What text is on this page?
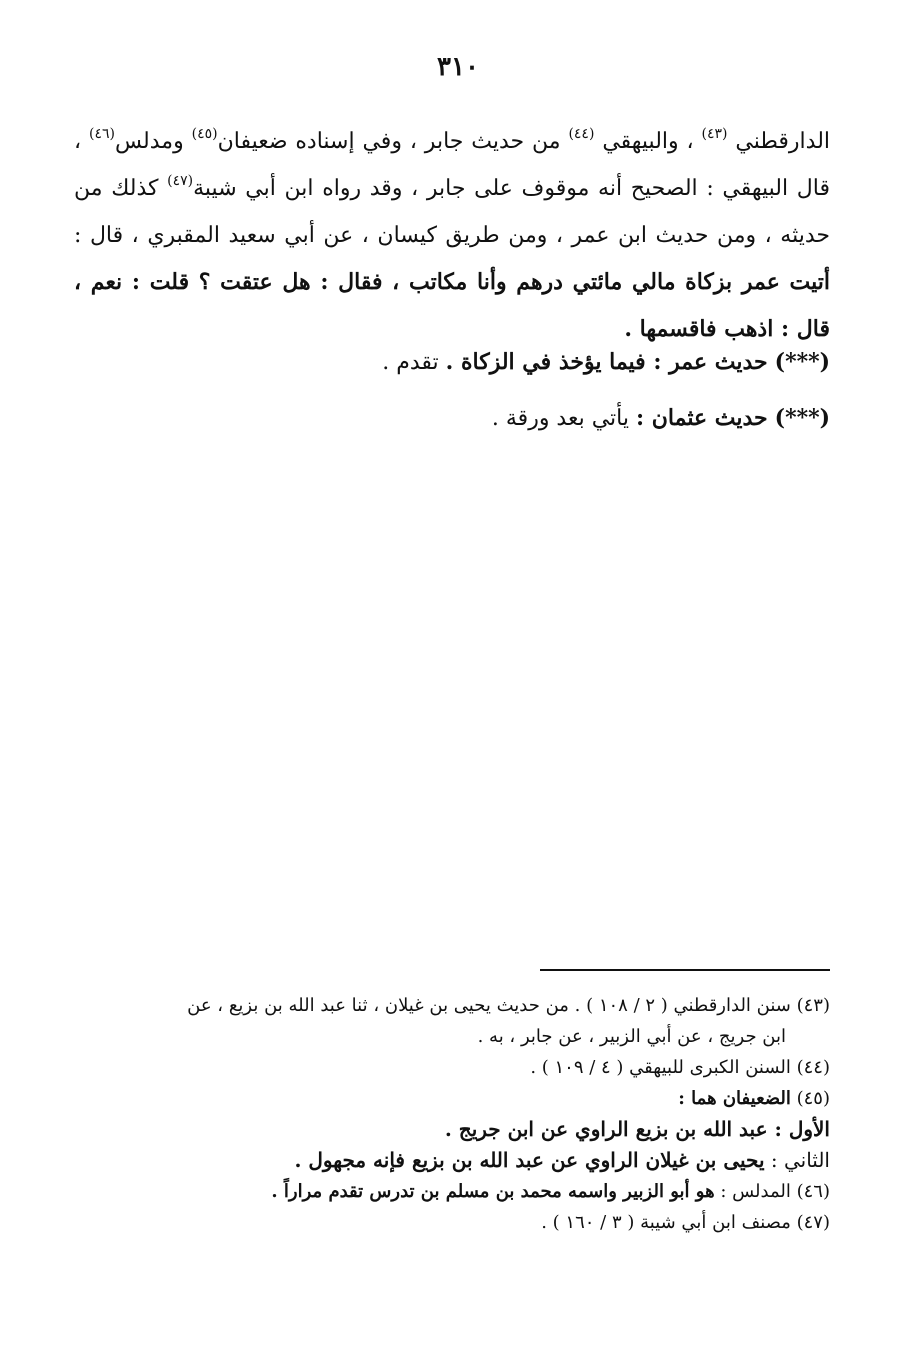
٣١٠
الدارقطني $^{(٤٣)}$ ، والبيهقي $^{(٤٤)}$ من حديث جابر ، وفي إسناده ضعيفان$^{(٤٥)}$ ومدلس$^{(٤٦)}$ ، قال البيهقي : الصحيح أنه موقوف على جابر ، وقد رواه ابن أبي شيبة$^{(٤٧)}$ كذلك من حديثه ، ومن حديث ابن عمر ، ومن طريق كيسان ، عن أبي سعيد المقبري ، قال : أتيت عمر بزكاة مالي مائتي درهم وأنا مكاتب ، فقال : هل عتقت ؟ قلت : نعم ، قال : اذهب فاقسمها .
(***) حديث عمر : فيما يؤخذ في الزكاة . تقدم .
(***) حديث عثمان : يأتي بعد ورقة .

(٤٣) سنن الدارقطني ( ٢ / ١٠٨ ) . من حديث يحيى بن غيلان ، ثنا عبد الله بن بزيع ، عن
ابن جريج ، عن أبي الزبير ، عن جابر ، به .

(٤٤) السنن الكبرى للبيهقي ( ٤ / ١٠٩ ) .

(٤٥) الضعيفان هما :

الأول : عبد الله بن بزيع الراوي عن ابن جريج .

الثاني : يحيى بن غيلان الراوي عن عبد الله بن بزيع فإنه مجهول .

(٤٦) المدلس : هو أبو الزبير واسمه محمد بن مسلم بن تدرس تقدم مراراً .

(٤٧) مصنف ابن أبي شيبة ( ٣ / ١٦٠ ) .
